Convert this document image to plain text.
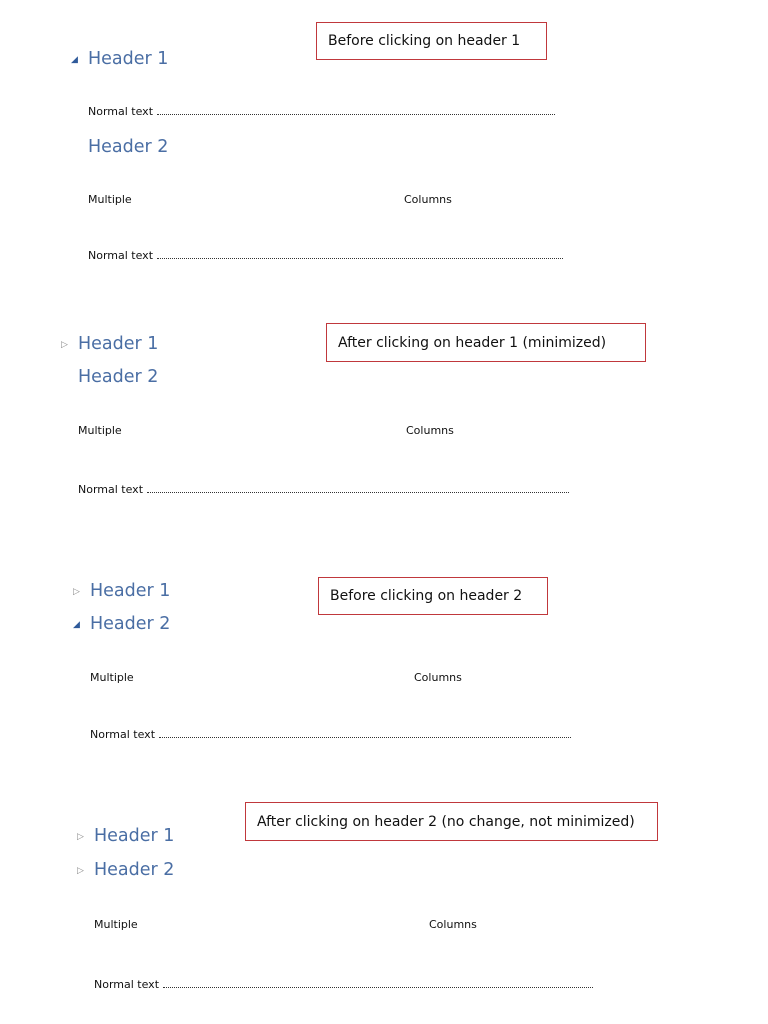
Before clicking on header 1
◢ Header 1
Normal text
Header 2
Multiple	Columns
Normal text
After clicking on header 1 (minimized)
▷ Header 1
Header 2
Multiple	Columns
Normal text
Before clicking on header 2
▷ Header 1
◢ Header 2
Multiple	Columns
Normal text
After clicking on header 2 (no change, not minimized)
▷ Header 1
▷ Header 2
Multiple	Columns
Normal text
